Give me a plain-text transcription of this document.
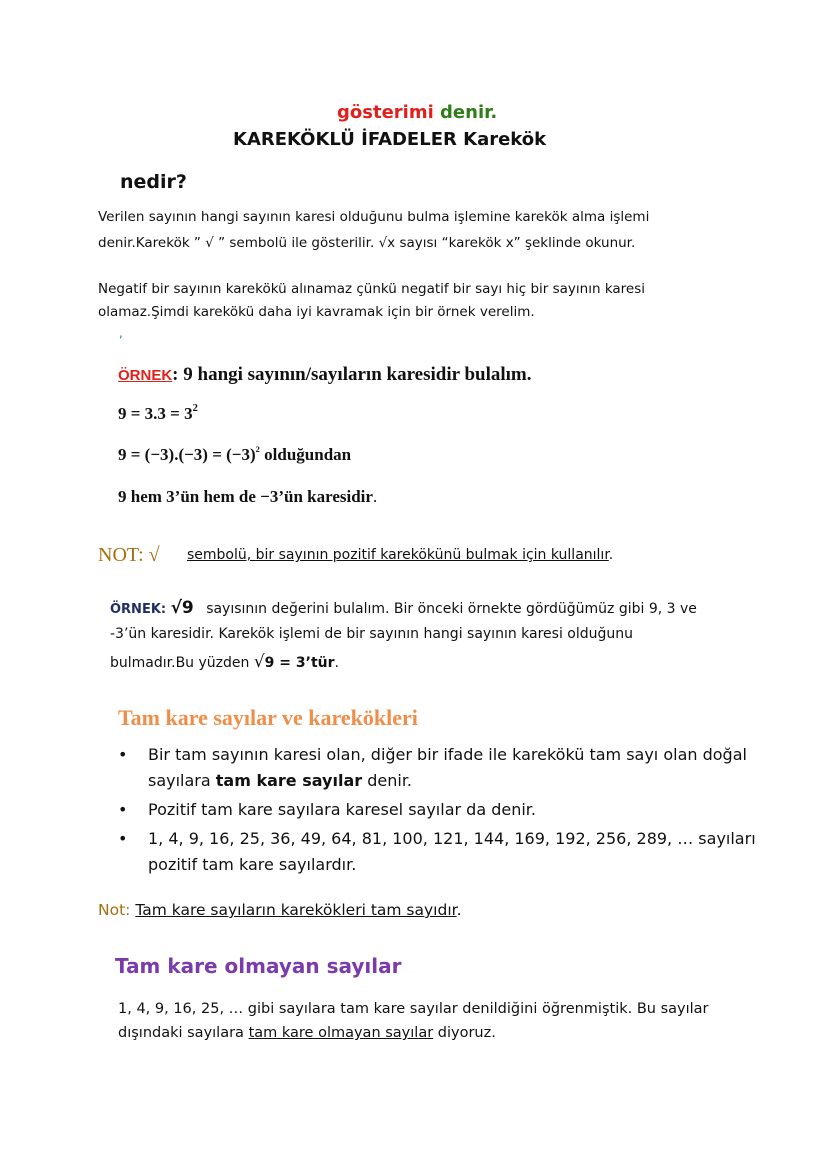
gösterimi denir.
KAREKÖKLÜ İFADELER Karekök
nedir?
Verilen sayının hangi sayının karesi olduğunu bulma işlemine karekök alma işlemi
denir.Karekök ” √ ” sembolü ile gösterilir. √x sayısı “karekök x” şeklinde okunur.
Negatif bir sayının karekökü alınamaz çünkü negatif bir sayı hiç bir sayının karesi
olamaz.Şimdi karekökü daha iyi kavramak için bir örnek verelim.
,
ÖRNEK: 9 hangi sayının/sayıların karesidir bulalım.
$9 = 3.3 = 3^2$
$9 = (-3).(-3) = (-3)^2$ olduğundan
9 hem 3’ün hem de −3’ün karesidir.
NOT: √ sembolü, bir sayının pozitif karekökünü bulmak için kullanılır.
ÖRNEK: √9 sayısının değerini bulalım. Bir önceki örnekte gördüğümüz gibi 9, 3 ve
-3’ün karesidir. Karekök işlemi de bir sayının hangi sayının karesi olduğunu
bulmadır.Bu yüzden √9 = 3’tür.
Tam kare sayılar ve karekökleri
• Bir tam sayının karesi olan, diğer bir ifade ile karekökü tam sayı olan doğal sayılara tam kare sayılar denir.
• Pozitif tam kare sayılara karesel sayılar da denir.
• 1, 4, 9, 16, 25, 36, 49, 64, 81, 100, 121, 144, 169, 192, 256, 289, … sayıları pozitif tam kare sayılardır.
Not: Tam kare sayıların karekökleri tam sayıdır.
Tam kare olmayan sayılar
1, 4, 9, 16, 25, … gibi sayılara tam kare sayılar denildiğini öğrenmiştik. Bu sayılar
dışındaki sayılara tam kare olmayan sayılar diyoruz.
